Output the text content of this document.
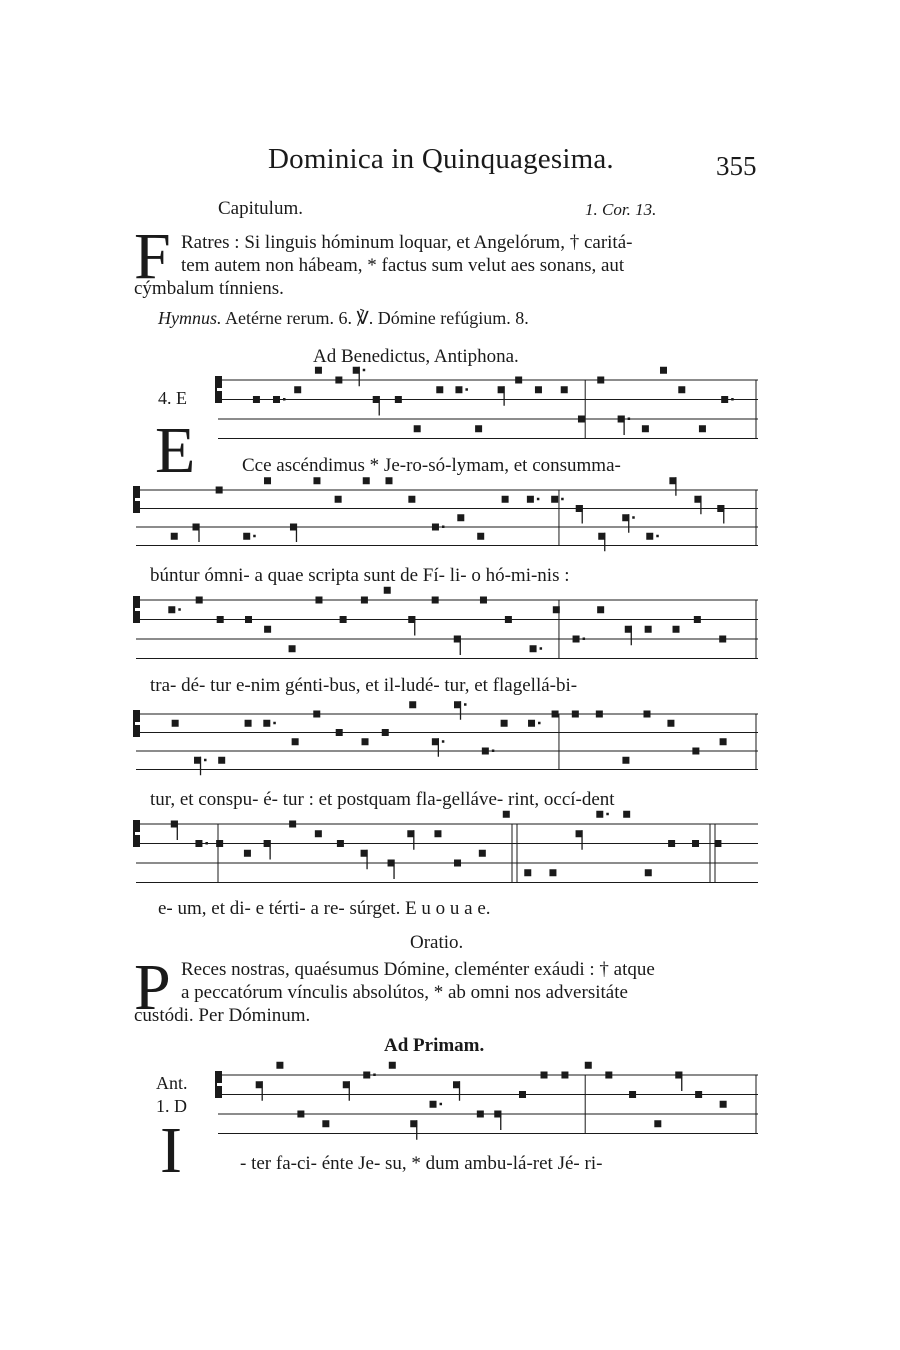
Dominica in Quinquagesima.	355
Capitulum.	1. Cor. 13.
F Ratres : Si linguis hóminum loquar, et Angelórum, † caritá-
tem autem non hábeam, * factus sum velut aes sonans, aut
cýmbalum tínniens.
Hymnus. Aetérne rerum. 6. ℣. Dómine refúgium. 8.
Ad Benedictus, Antiphona.
4. E
E Cce ascéndimus * Je-ro-só-lymam, et consumma-
búntur ómni- a quae scripta sunt de Fí- li- o hó-mi-nis :
tra- dé- tur e-nim génti-bus, et il-ludé- tur, et flagellá-bi-
tur, et conspu- é- tur : et postquam fla-gelláve- rint, occí-dent
e- um, et di- e térti- a re- súrget. E u o u a e.
Oratio.
P Reces nostras, quaésumus Dómine, cleménter exáudi : † atque
a peccatórum vínculis absolútos, * ab omni nos adversitáte
custódi. Per Dóminum.
Ad Primam.
Ant.
1. D
I	- ter fa-ci- énte Je- su, * dum ambu-lá-ret Jé- ri-
